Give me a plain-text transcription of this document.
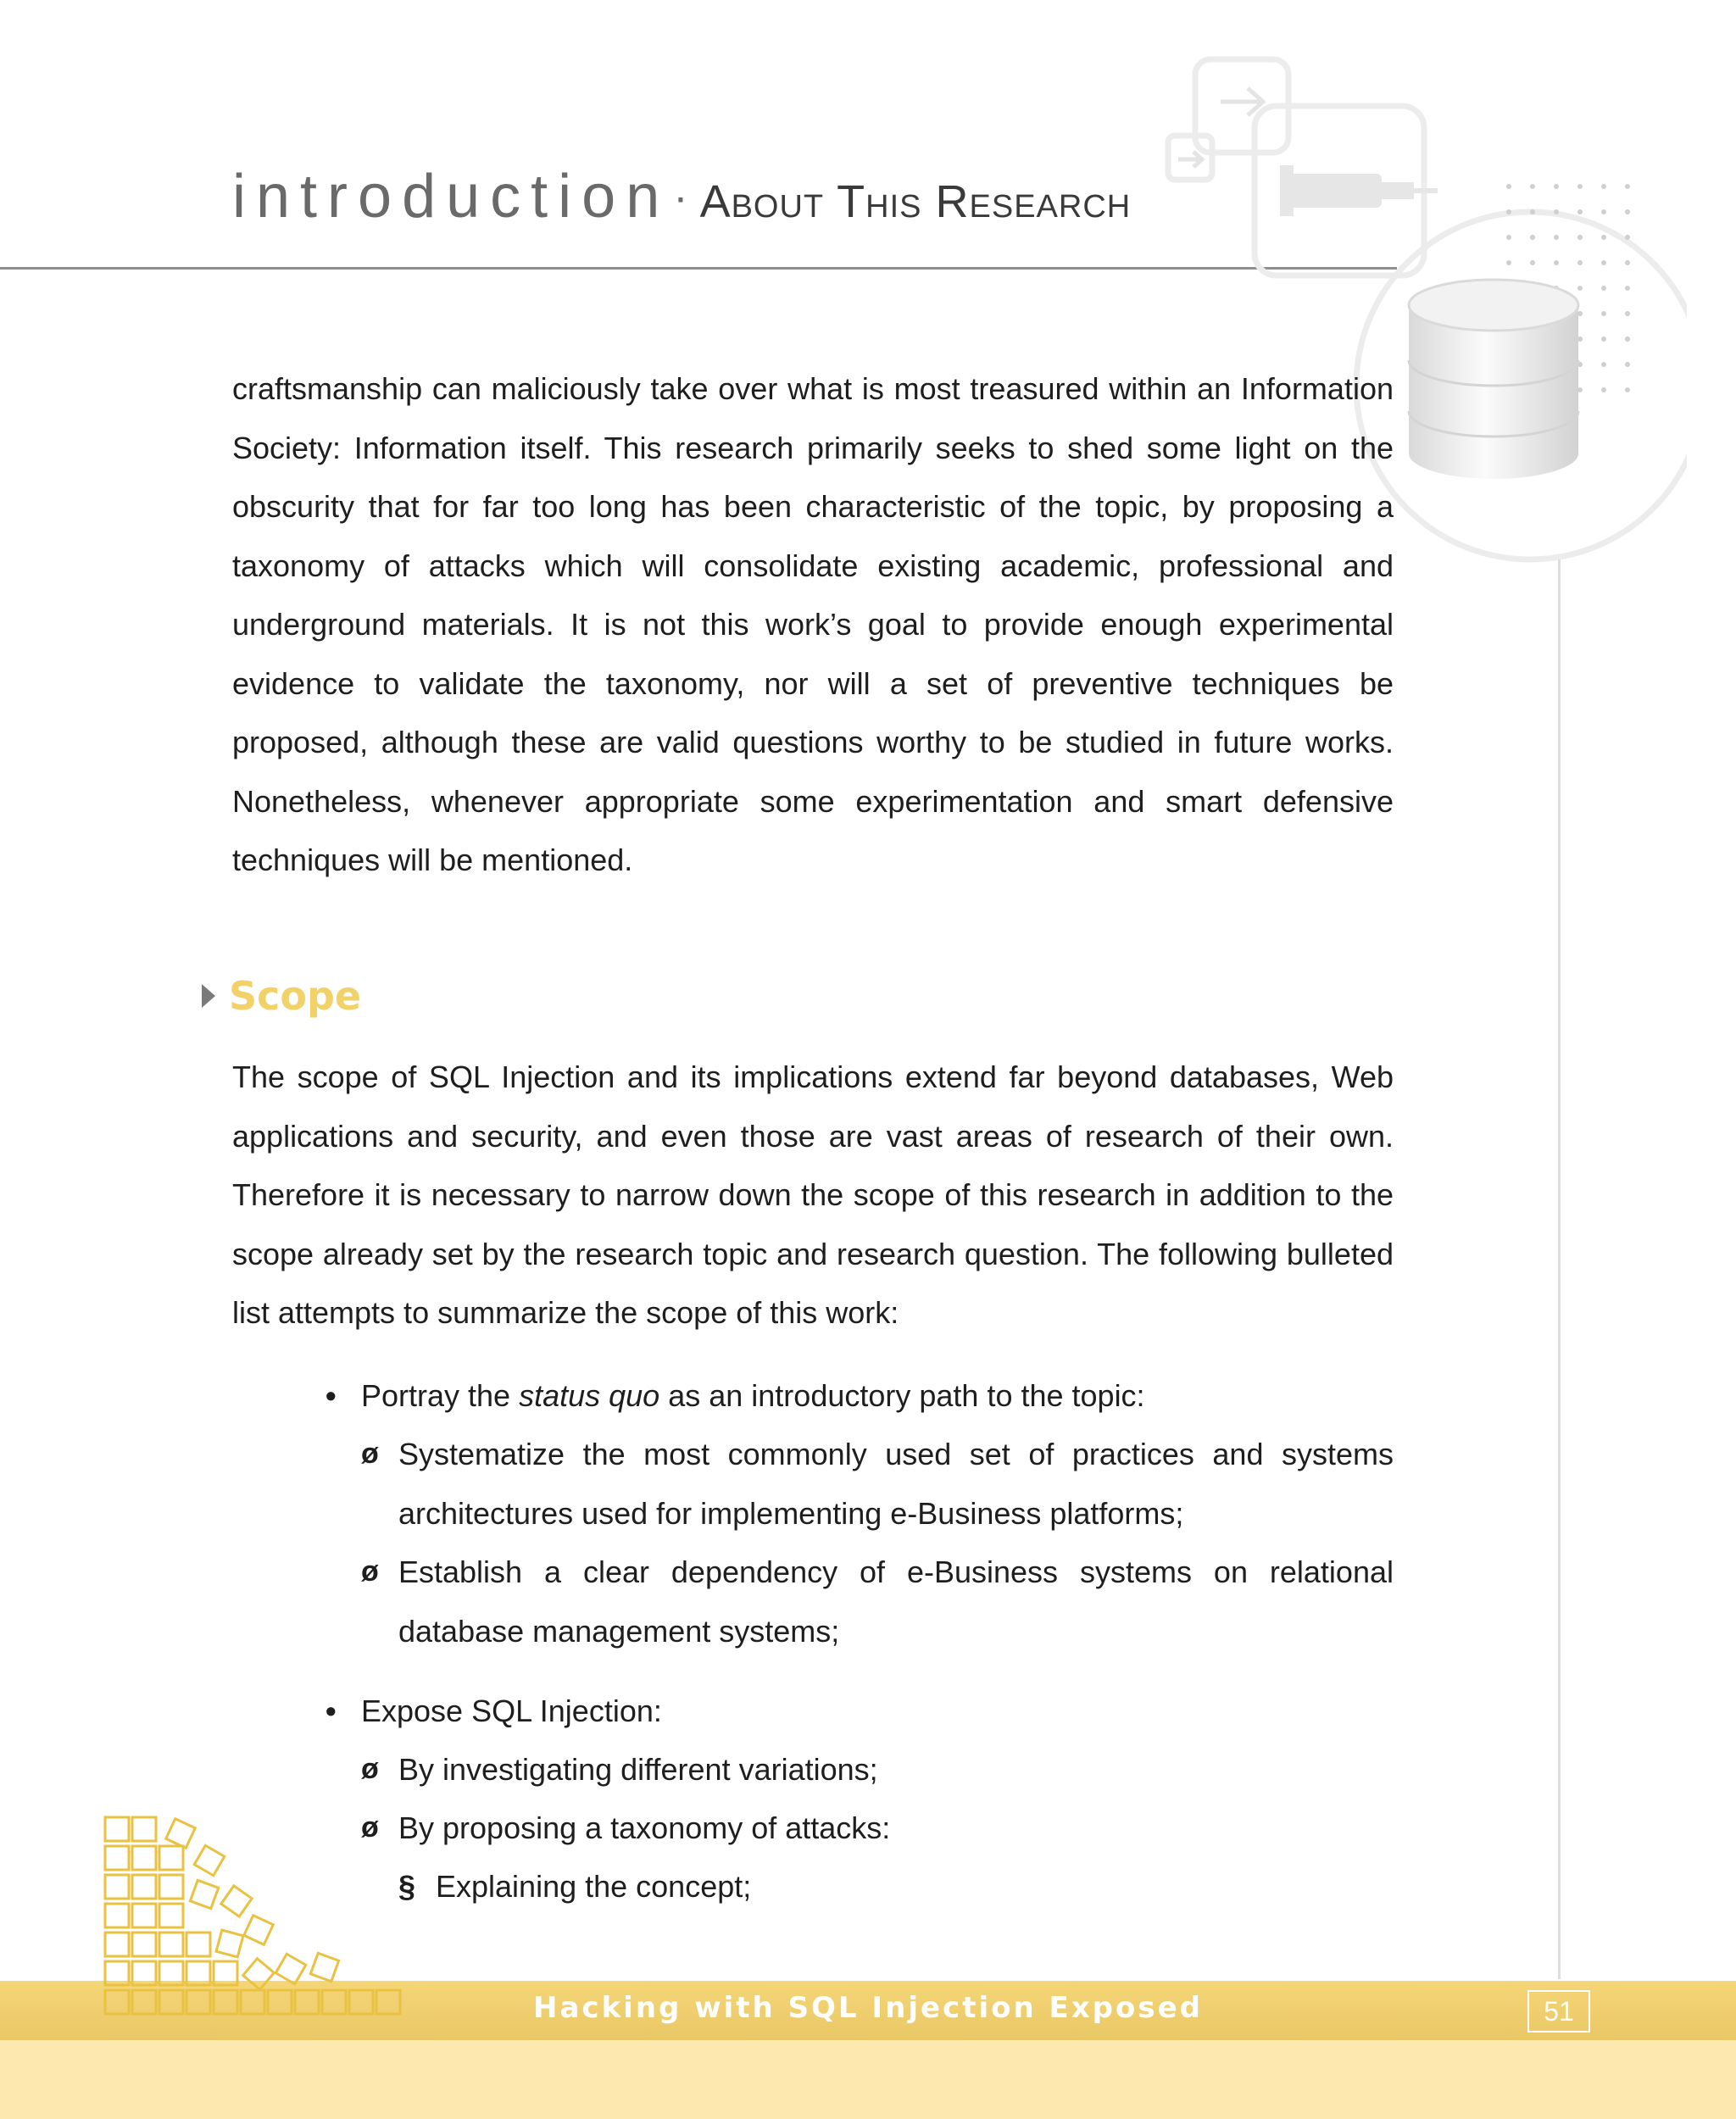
introduction· About This Research

craftsmanship can maliciously take over what is most treasured within an Information Society: Information itself. This research primarily seeks to shed some light on the obscurity that for far too long has been characteristic of the topic, by proposing a taxonomy of attacks which will consolidate existing academic, professional and underground materials. It is not this work’s goal to provide enough experimental evidence to validate the taxonomy, nor will a set of preventive techniques be proposed, although these are valid questions worthy to be studied in future works. Nonetheless, whenever appropriate some experimentation and smart defensive techniques will be mentioned.

Scope

The scope of SQL Injection and its implications extend far beyond databases, Web applications and security, and even those are vast areas of research of their own. Therefore it is necessary to narrow down the scope of this research in addition to the scope already set by the research topic and research question. The following bulleted list attempts to summarize the scope of this work:

• Portray the status quo as an introductory path to the topic:
ø Systematize the most commonly used set of practices and systems architectures used for implementing e-Business platforms;
ø Establish a clear dependency of e-Business systems on relational database management systems;
• Expose SQL Injection:
ø By investigating different variations;
ø By proposing a taxonomy of attacks:
§ Explaining the concept;
Hacking with SQL Injection Exposed	51
